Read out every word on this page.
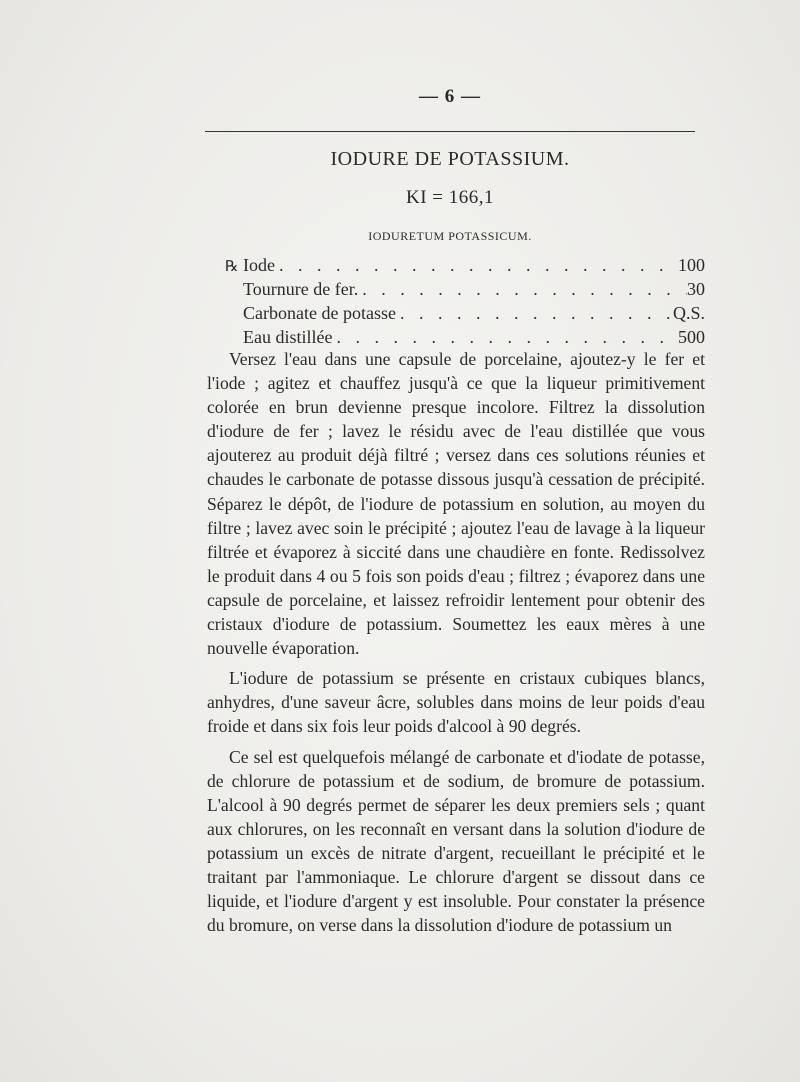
— 6 —
IODURE DE POTASSIUM.
KI = 166,1
IODURETUM POTASSICUM.
℞ Iode . . .	100
Tournure de fer. . . .	30
Carbonate de potasse . . .	Q.S.
Eau distillée . . .	500

Versez l'eau dans une capsule de porcelaine, ajoutez-y le fer et l'iode ; agitez et chauffez jusqu'à ce que la liqueur primitivement colorée en brun devienne presque incolore. Filtrez la dissolution d'iodure de fer ; lavez le résidu avec de l'eau distillée que vous ajouterez au produit déjà filtré ; versez dans ces solutions réunies et chaudes le carbonate de potasse dissous jusqu'à cessation de précipité. Séparez le dépôt, de l'iodure de potassium en solution, au moyen du filtre ; lavez avec soin le précipité ; ajoutez l'eau de lavage à la liqueur filtrée et évaporez à siccité dans une chaudière en fonte. Redissolvez le produit dans 4 ou 5 fois son poids d'eau ; filtrez ; évaporez dans une capsule de porcelaine, et laissez refroidir lentement pour obtenir des cristaux d'iodure de potassium. Soumettez les eaux mères à une nouvelle évaporation.

L'iodure de potassium se présente en cristaux cubiques blancs, anhydres, d'une saveur âcre, solubles dans moins de leur poids d'eau froide et dans six fois leur poids d'alcool à 90 degrés.

Ce sel est quelquefois mélangé de carbonate et d'iodate de potasse, de chlorure de potassium et de sodium, de bromure de potassium. L'alcool à 90 degrés permet de séparer les deux premiers sels ; quant aux chlorures, on les reconnaît en versant dans la solution d'iodure de potassium un excès de nitrate d'argent, recueillant le précipité et le traitant par l'ammoniaque. Le chlorure d'argent se dissout dans ce liquide, et l'iodure d'argent y est insoluble. Pour constater la présence du bromure, on verse dans la dissolution d'iodure de potassium un
